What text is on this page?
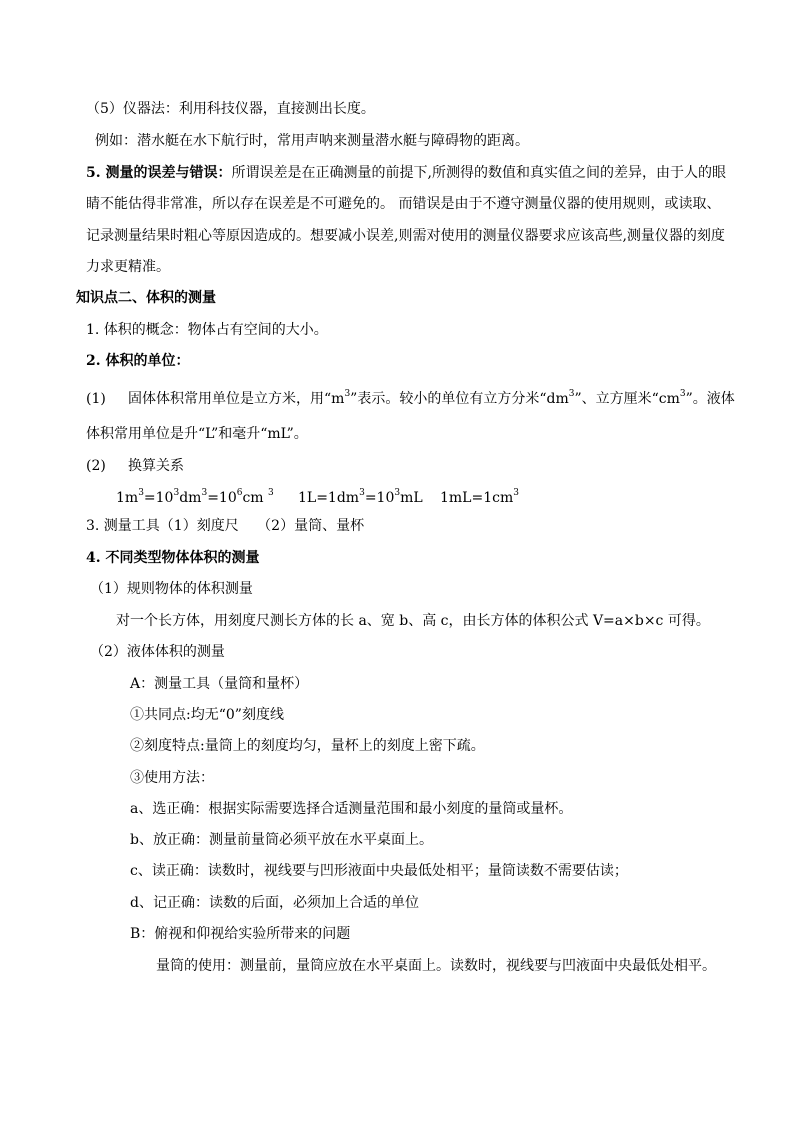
（5）仪器法：利用科技仪器，直接测出长度。
例如：潜水艇在水下航行时，常用声呐来测量潜水艇与障碍物的距离。
5. 测量的误差与错误：所谓误差是在正确测量的前提下,所测得的数值和真实值之间的差异，由于人的眼
睛不能估得非常准，所以存在误差是不可避免的。 而错误是由于不遵守测量仪器的使用规则，或读取、
记录测量结果时粗心等原因造成的。想要减小误差,则需对使用的测量仪器要求应该高些,测量仪器的刻度
力求更精准。
知识点二、体积的测量
1. 体积的概念：物体占有空间的大小。
2. 体积的单位：
(1) 固体体积常用单位是立方米，用“$m^3$”表示。较小的单位有立方分米“$dm^3$”、立方厘米“$cm^3$”。液体
体积常用单位是升“L”和毫升“mL”。
(2) 换算关系
$1m^3=10^3dm^3=10^6cm$ $^3$ $1L=1dm^3=10^3mL$ $1mL=1cm^3$
3. 测量工具（1）刻度尺　 （2）量筒、量杯
4. 不同类型物体体积的测量
（1）规则物体的体积测量
对一个长方体，用刻度尺测长方体的长 a、宽 b、高 c，由长方体的体积公式 V=a×b×c 可得。
（2）液体体积的测量
A：测量工具（量筒和量杯）
①共同点:均无“0”刻度线
②刻度特点:量筒上的刻度均匀，量杯上的刻度上密下疏。
③使用方法：
a、选正确：根据实际需要选择合适测量范围和最小刻度的量筒或量杯。
b、放正确：测量前量筒必须平放在水平桌面上。
c、读正确：读数时，视线要与凹形液面中央最低处相平；量筒读数不需要估读；
d、记正确：读数的后面，必须加上合适的单位
B：俯视和仰视给实验所带来的问题
量筒的使用：测量前，量筒应放在水平桌面上。读数时，视线要与凹液面中央最低处相平。
